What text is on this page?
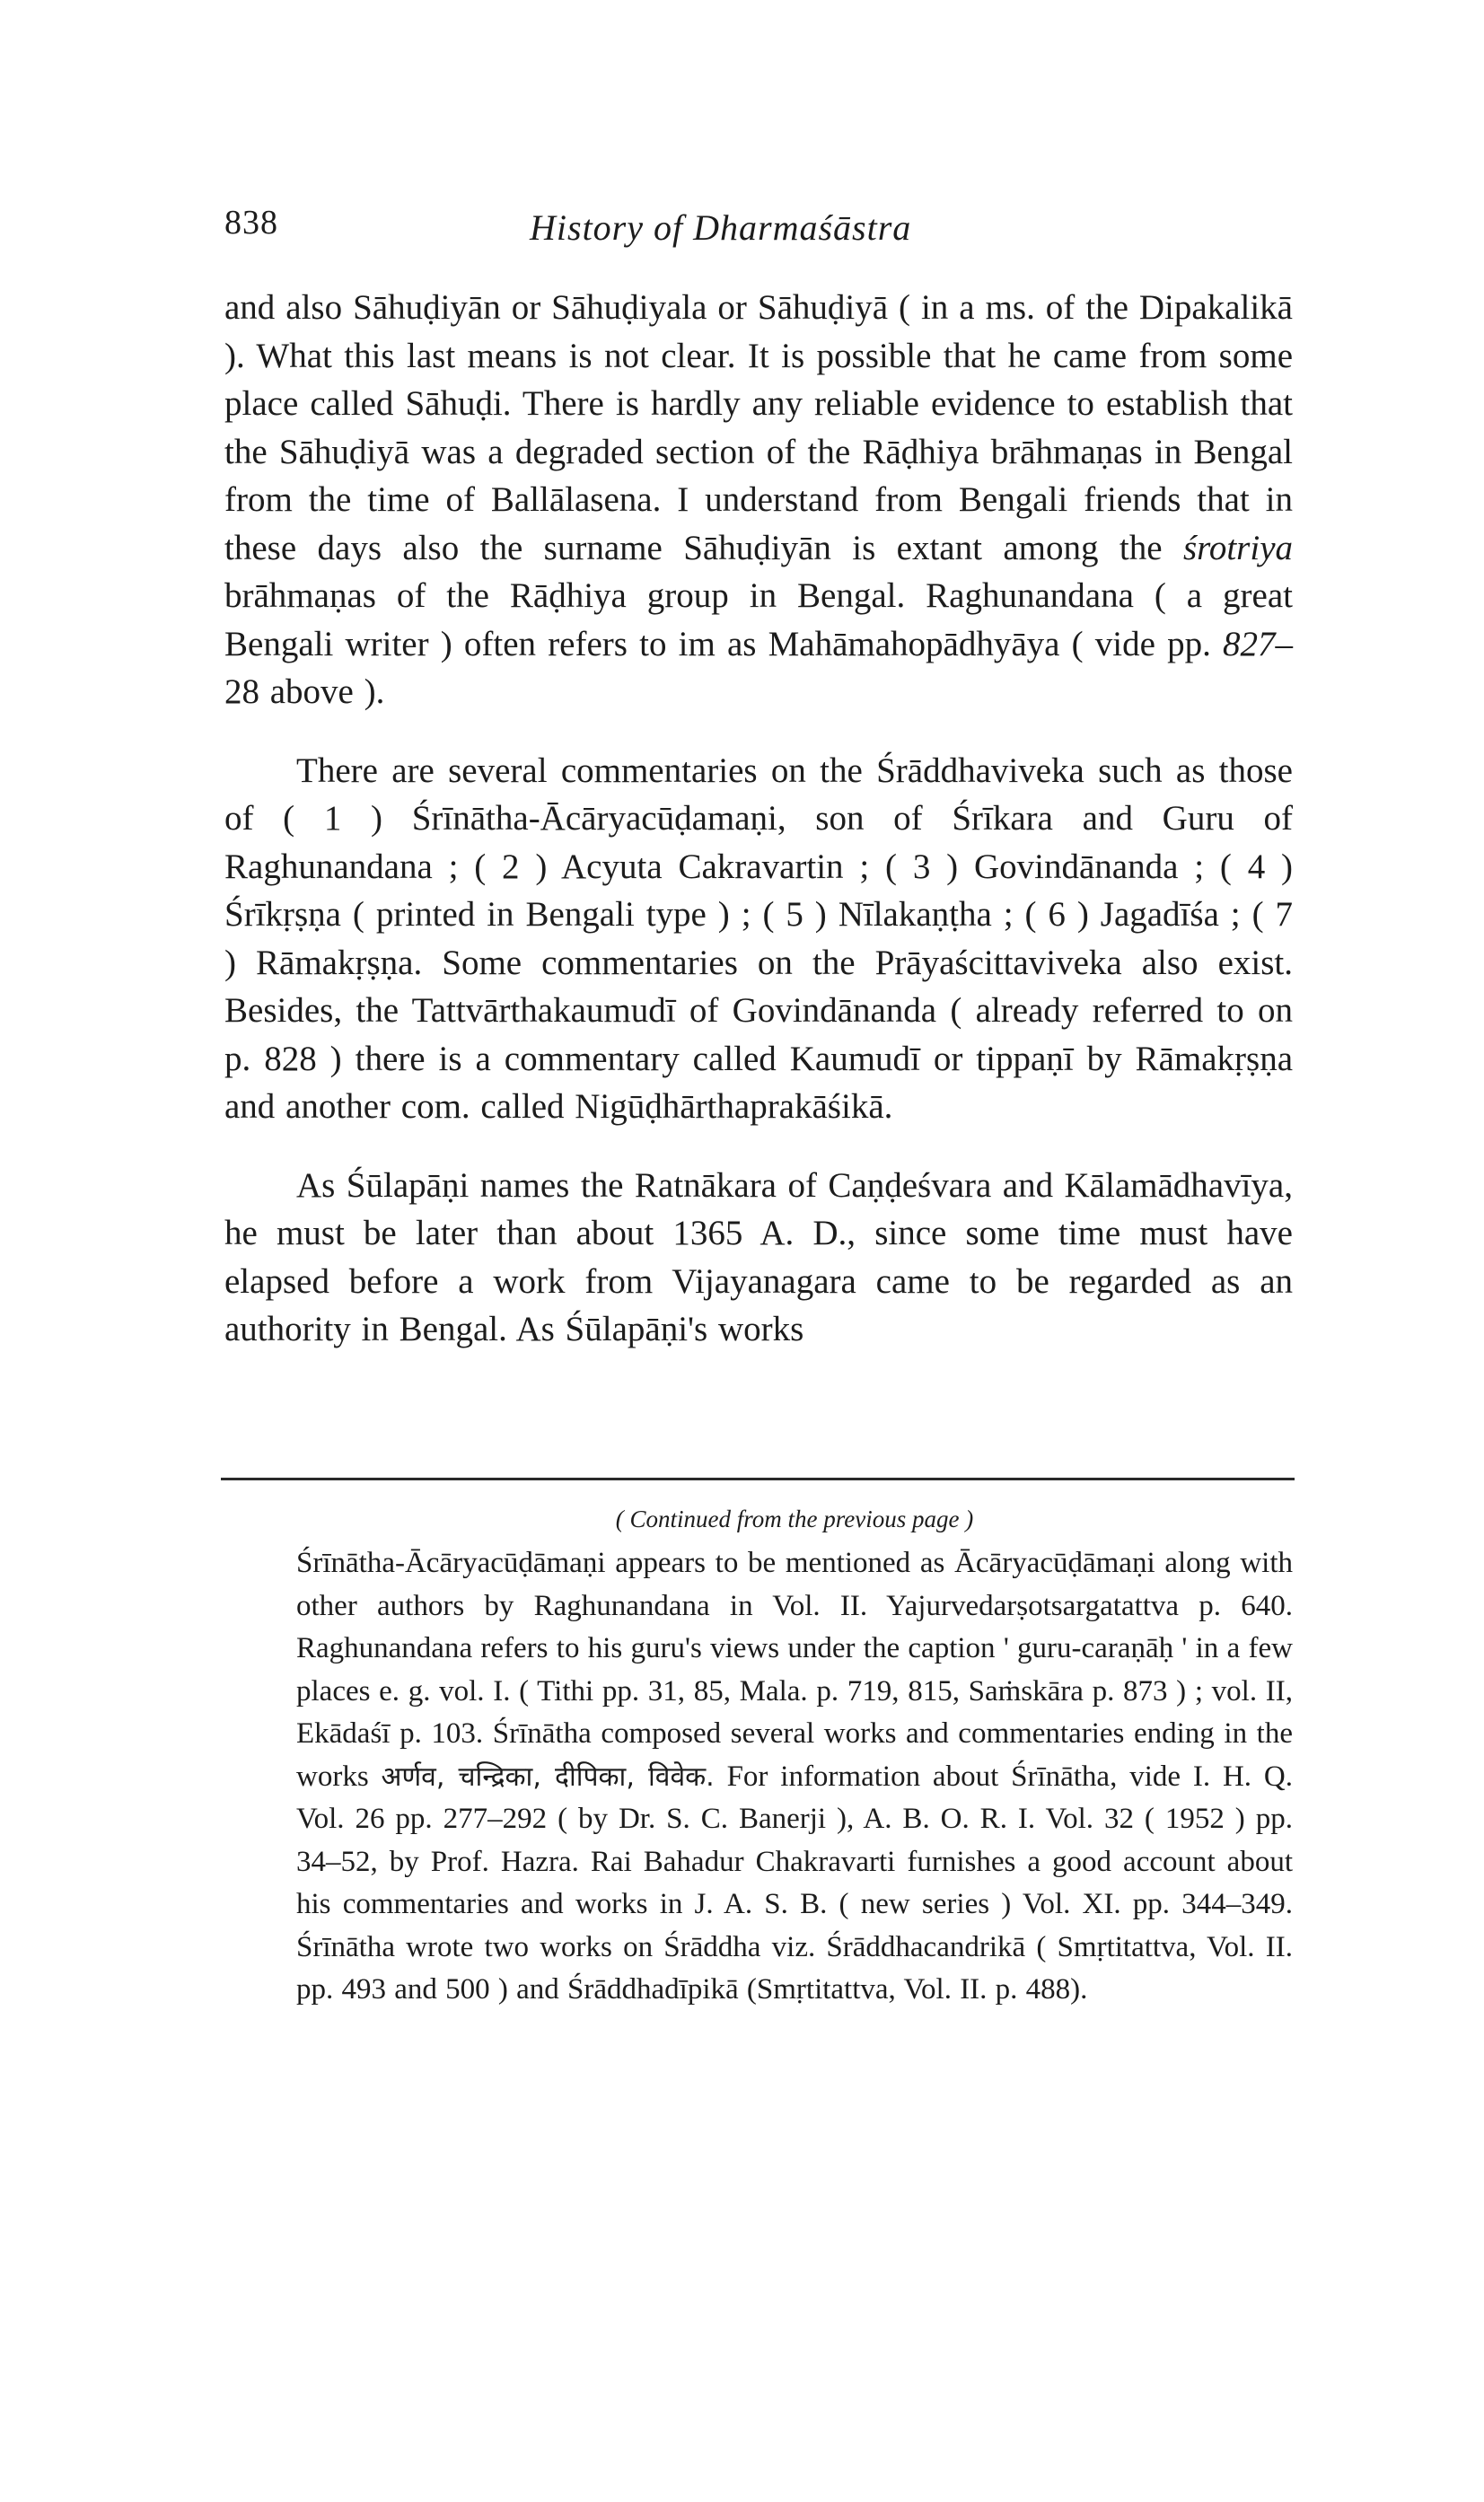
838	History of Dharmaśāstra

and also Sāhuḍiyān or Sāhuḍiyala or Sāhuḍiyā ( in a ms. of the Dipakalikā ). What this last means is not clear. It is possible that he came from some place called Sāhuḍi. There is hardly any reliable evidence to establish that the Sāhuḍiyā was a degraded section of the Rāḍhiya brāhmaṇas in Bengal from the time of Ballālasena. I understand from Bengali friends that in these days also the surname Sāhuḍiyān is extant among the śrotriya brāhmaṇas of the Rāḍhiya group in Bengal. Raghunandana ( a great Bengali writer ) often refers to im as Mahāmahopādhyāya ( vide pp. 827–28 above ).

There are several commentaries on the Śrāddhaviveka such as those of ( 1 ) Śrīnātha-Ācāryacūḍamaṇi, son of Śrīkara and Guru of Raghunandana ; ( 2 ) Acyuta Cakravartin ; ( 3 ) Govindānanda ; ( 4 ) Śrīkṛṣṇa ( printed in Bengali type ) ; ( 5 ) Nīlakaṇṭha ; ( 6 ) Jagadīśa ; ( 7 ) Rāmakṛṣṇa. Some commentaries on the Prāyaścittaviveka also exist. Besides, the Tattvārthakaumudī of Govindānanda ( already referred to on p. 828 ) there is a commentary called Kaumudī or tippaṇī by Rāmakṛṣṇa and another com. called Nigūḍhārthaprakāśikā.

As Śūlapāṇi names the Ratnākara of Caṇḍeśvara and Kālamādhavīya, he must be later than about 1365 A. D., since some time must have elapsed before a work from Vijayanagara came to be regarded as an authority in Bengal. As Śūlapāṇi's works

( Continued from the previous page )

Śrīnātha-Ācāryacūḍāmaṇi appears to be mentioned as Ācāryacūḍāmaṇi along with other authors by Raghunandana in Vol. II. Yajurvedarṣotsargatattva p. 640. Raghunandana refers to his guru's views under the caption ' guru-caraṇāḥ ' in a few places e. g. vol. I. ( Tithi pp. 31, 85, Mala. p. 719, 815, Saṁskāra p. 873 ) ; vol. II, Ekādaśī p. 103. Śrīnātha composed several works and commentaries ending in the works अर्णव, चन्द्रिका, दीपिका, विवेक. For information about Śrīnātha, vide I. H. Q. Vol. 26 pp. 277–292 ( by Dr. S. C. Banerji ), A. B. O. R. I. Vol. 32 ( 1952 ) pp. 34–52, by Prof. Hazra. Rai Bahadur Chakravarti furnishes a good account about his commentaries and works in J. A. S. B. ( new series ) Vol. XI. pp. 344–349. Śrīnātha wrote two works on Śrāddha viz. Śrāddhacandrikā ( Smṛtitattva, Vol. II. pp. 493 and 500 ) and Śrāddhadīpikā (Smṛtitattva, Vol. II. p. 488).
